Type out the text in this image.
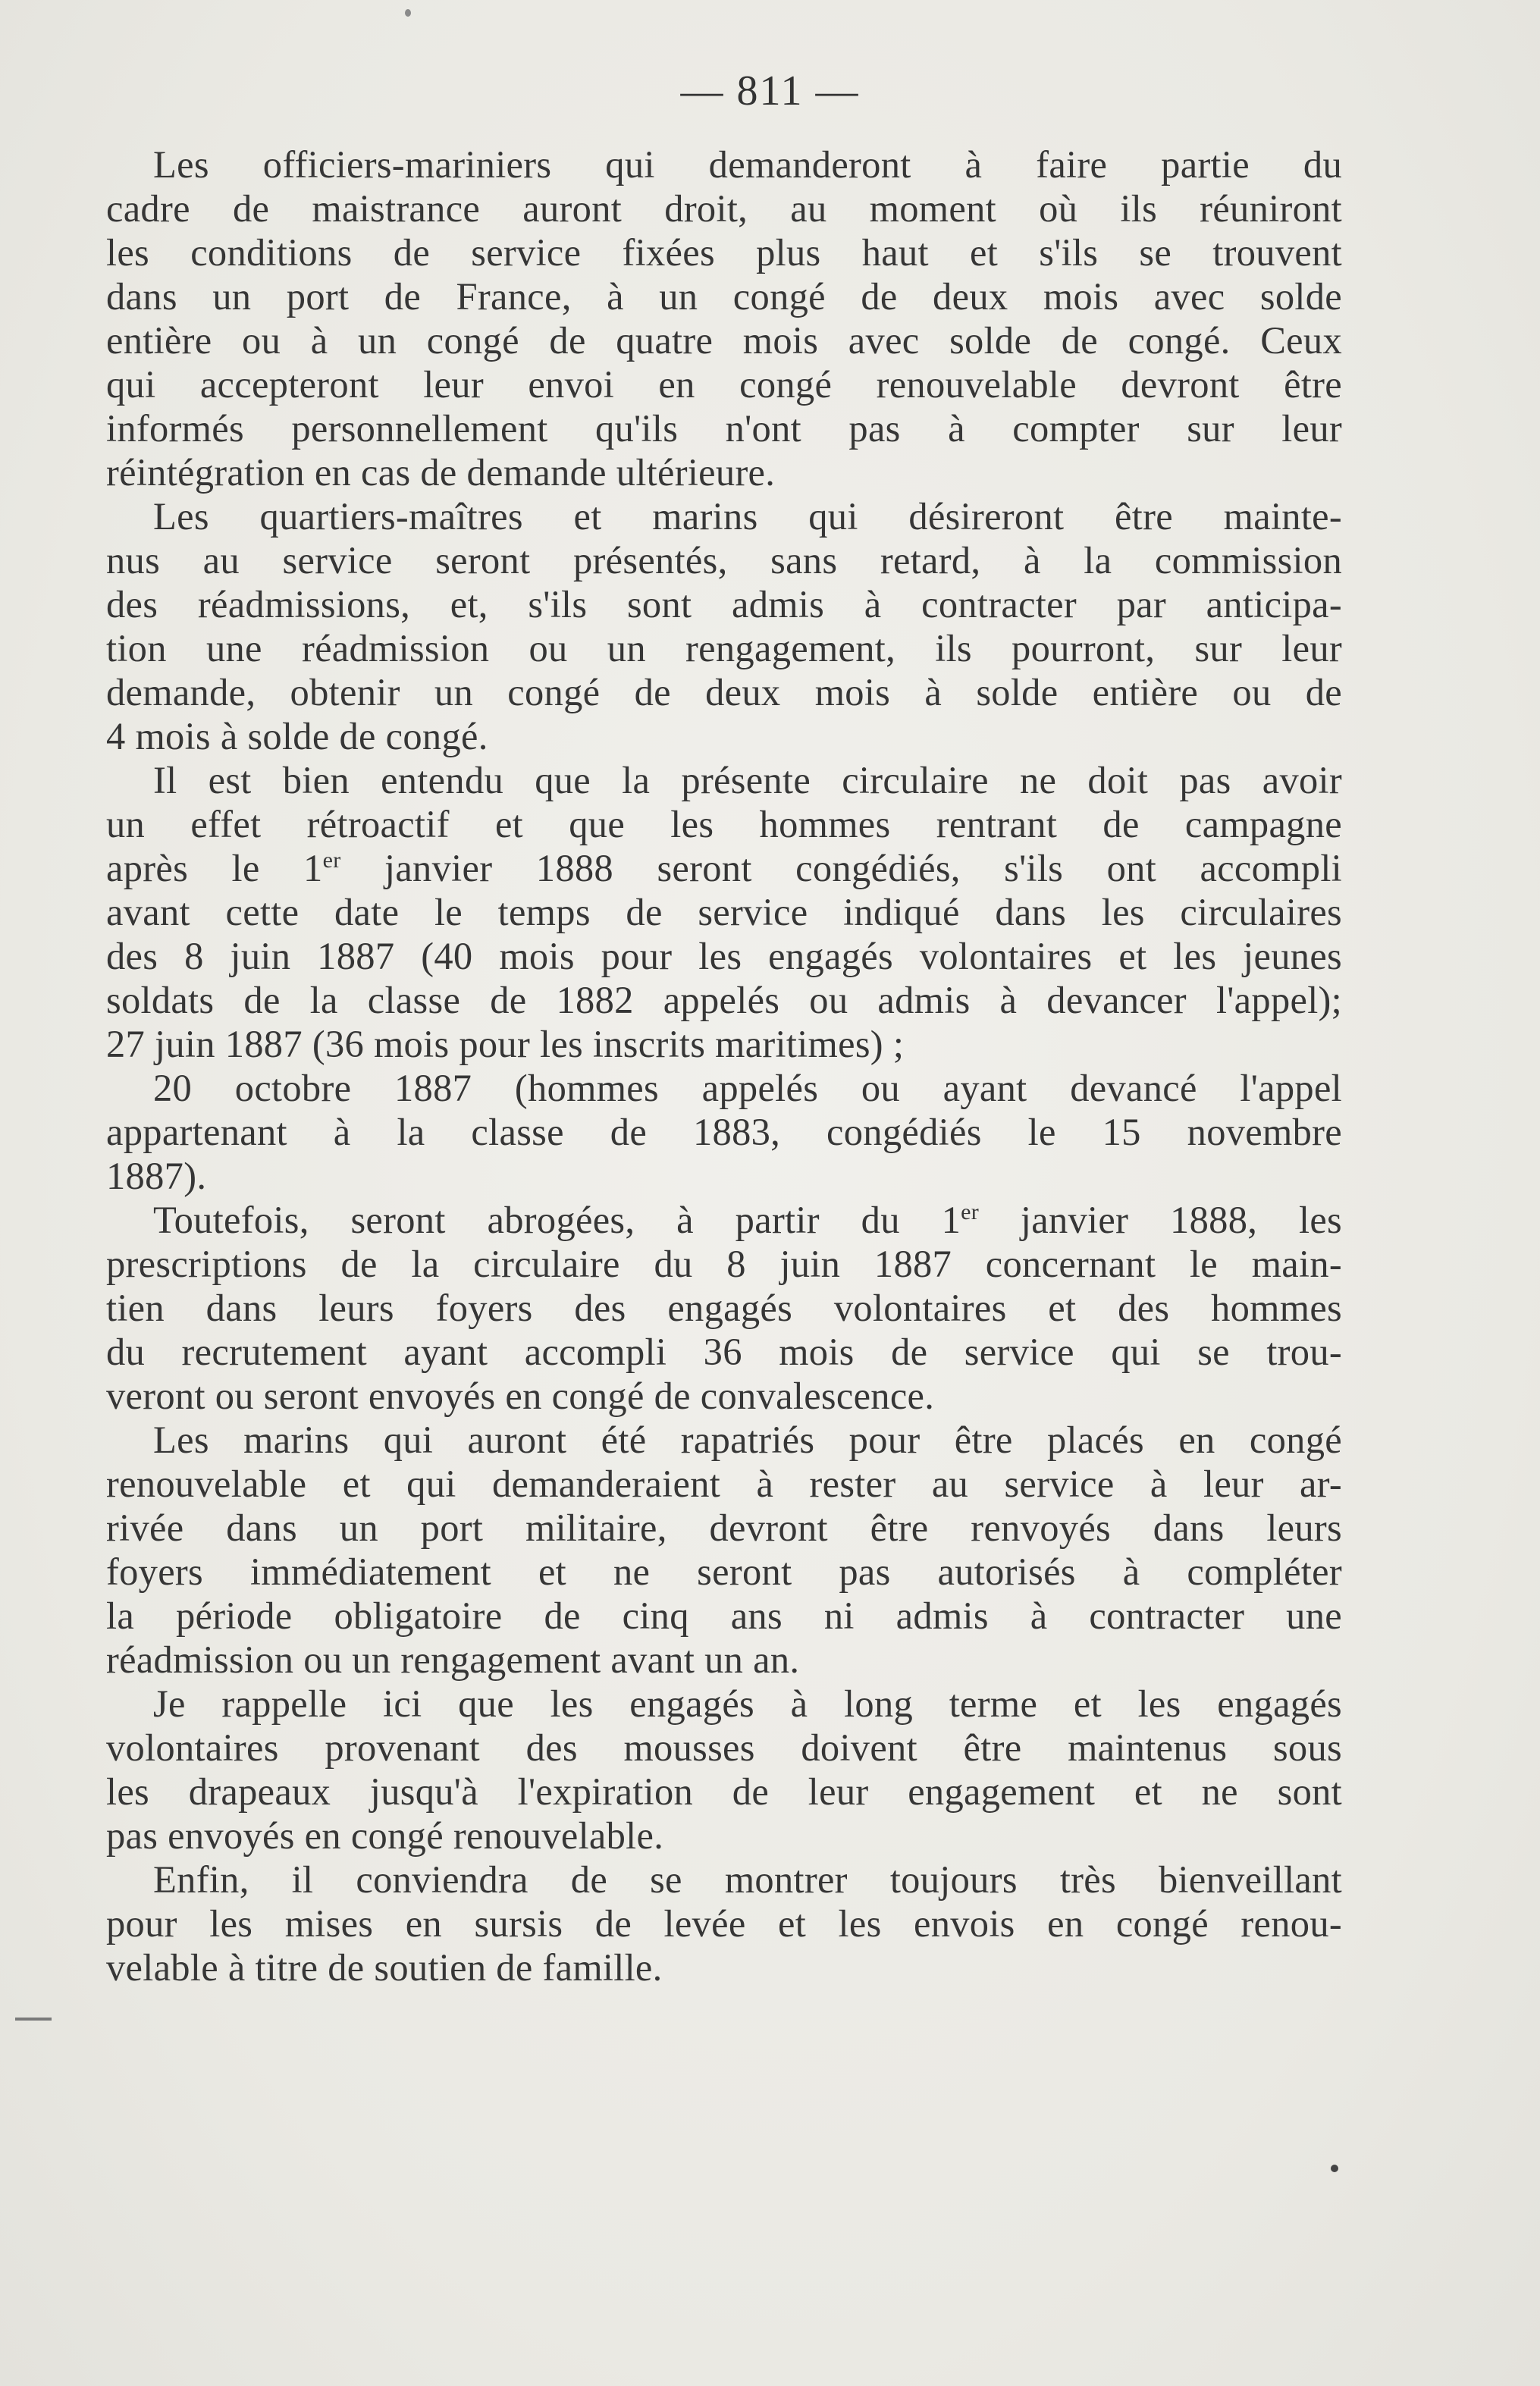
— 811 —
Les officiers-mariniers qui demanderont à faire partie du
cadre de maistrance auront droit, au moment où ils réuniront
les conditions de service fixées plus haut et s'ils se trouvent
dans un port de France, à un congé de deux mois avec solde
entière ou à un congé de quatre mois avec solde de congé. Ceux
qui accepteront leur envoi en congé renouvelable devront être
informés personnellement qu'ils n'ont pas à compter sur leur
réintégration en cas de demande ultérieure.
Les quartiers-maîtres et marins qui désireront être mainte-
nus au service seront présentés, sans retard, à la commission
des réadmissions, et, s'ils sont admis à contracter par anticipa-
tion une réadmission ou un rengagement, ils pourront, sur leur
demande, obtenir un congé de deux mois à solde entière ou de
4 mois à solde de congé.
Il est bien entendu que la présente circulaire ne doit pas avoir
un effet rétroactif et que les hommes rentrant de campagne
après le 1er janvier 1888 seront congédiés, s'ils ont accompli
avant cette date le temps de service indiqué dans les circulaires
des 8 juin 1887 (40 mois pour les engagés volontaires et les jeunes
soldats de la classe de 1882 appelés ou admis à devancer l'appel);
27 juin 1887 (36 mois pour les inscrits maritimes) ;
20 octobre 1887 (hommes appelés ou ayant devancé l'appel
appartenant à la classe de 1883, congédiés le 15 novembre
1887).
Toutefois, seront abrogées, à partir du 1er janvier 1888, les
prescriptions de la circulaire du 8 juin 1887 concernant le main-
tien dans leurs foyers des engagés volontaires et des hommes
du recrutement ayant accompli 36 mois de service qui se trou-
veront ou seront envoyés en congé de convalescence.
Les marins qui auront été rapatriés pour être placés en congé
renouvelable et qui demanderaient à rester au service à leur ar-
rivée dans un port militaire, devront être renvoyés dans leurs
foyers immédiatement et ne seront pas autorisés à compléter
la période obligatoire de cinq ans ni admis à contracter une
réadmission ou un rengagement avant un an.
Je rappelle ici que les engagés à long terme et les engagés
volontaires provenant des mousses doivent être maintenus sous
les drapeaux jusqu'à l'expiration de leur engagement et ne sont
pas envoyés en congé renouvelable.
Enfin, il conviendra de se montrer toujours très bienveillant
pour les mises en sursis de levée et les envois en congé renou-
velable à titre de soutien de famille.
